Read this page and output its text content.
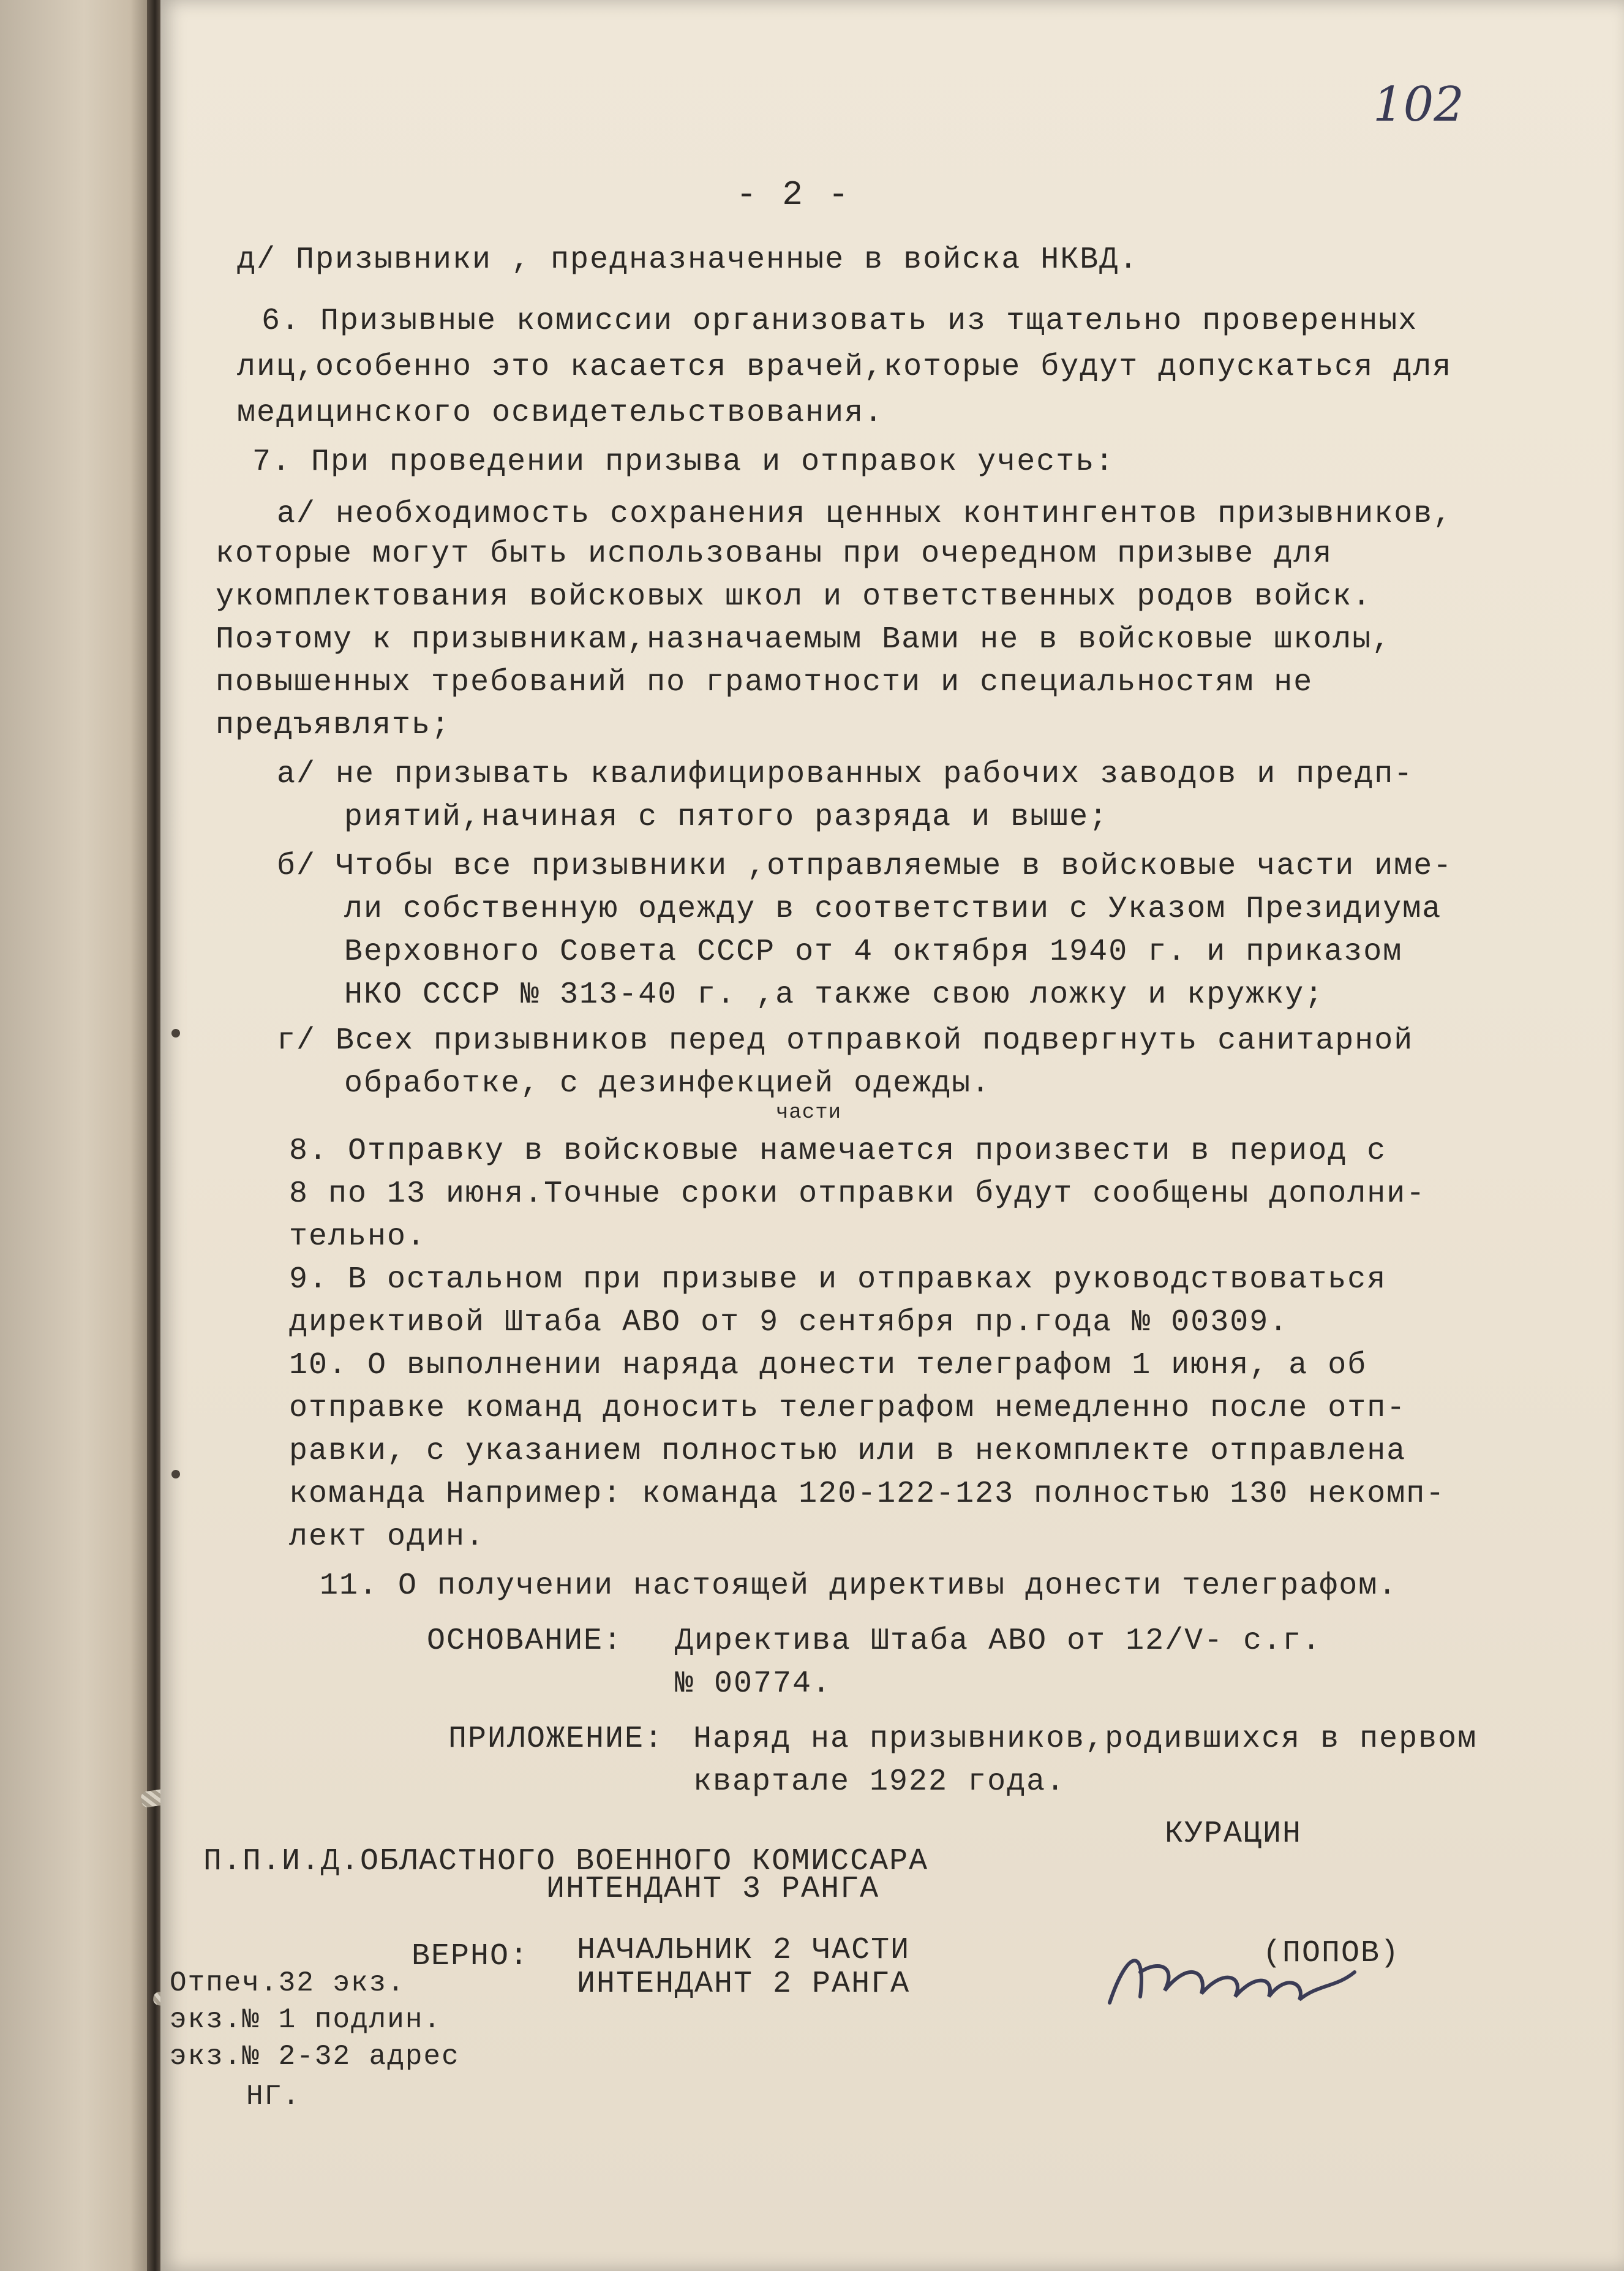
102
- 2 -
д/ Призывники , предназначенные в войска НКВД.
6. Призывные комиссии организовать из тщательно проверенных
лиц,особенно это касается врачей,которые будут допускаться для
медицинского освидетельствования.
7. При проведении призыва и отправок учесть:
а/ необходимость сохранения ценных контингентов призывников,
которые могут быть использованы при очередном призыве для
укомплектования войсковых школ и ответственных родов войск.
Поэтому к призывникам,назначаемым Вами не в войсковые школы,
повышенных требований по грамотности и специальностям не
предъявлять;
а/ не призывать квалифицированных рабочих заводов и предп-
риятий,начиная с пятого разряда и выше;
б/ Чтобы все призывники ,отправляемые в войсковые части име-
ли собственную одежду в соответствии с Указом Президиума
Верховного Совета СССР от 4 октября 1940 г. и приказом
НКО СССР № 313-40 г. ,а также свою ложку и кружку;
г/ Всех призывников перед отправкой подвергнуть санитарной
обработке, с дезинфекцией одежды.
части
8. Отправку в войсковые намечается произвести в период с
8 по 13 июня.Точные сроки отправки будут сообщены дополни-
тельно.
9. В остальном при призыве и отправках руководствоваться
директивой Штаба АВО от 9 сентября пр.года № 00309.
10. О выполнении наряда донести телеграфом 1 июня, а об
отправке команд доносить телеграфом немедленно после отп-
равки, с указанием полностью или в некомплекте отправлена
команда Например: команда 120-122-123 полностью 130 некомп-
лект один.
11. О получении настоящей директивы донести телеграфом.
ОСНОВАНИЕ: Директива Штаба АВО от 12/V- с.г.
№ 00774.
ПРИЛОЖЕНИЕ: Наряд на призывников,родившихся в первом
квартале 1922 года.
КУРАЦИН
П.П.И.Д.ОБЛАСТНОГО ВОЕННОГО КОМИССАРА
ИНТЕНДАНТ 3 РАНГА
ВЕРНО: НАЧАЛЬНИК 2 ЧАСТИ
ИНТЕНДАНТ 2 РАНГА
(ПОПОВ)
Отпеч.32 экз.
экз.№ 1 подлин.
экз.№ 2-32 адрес
НГ.
